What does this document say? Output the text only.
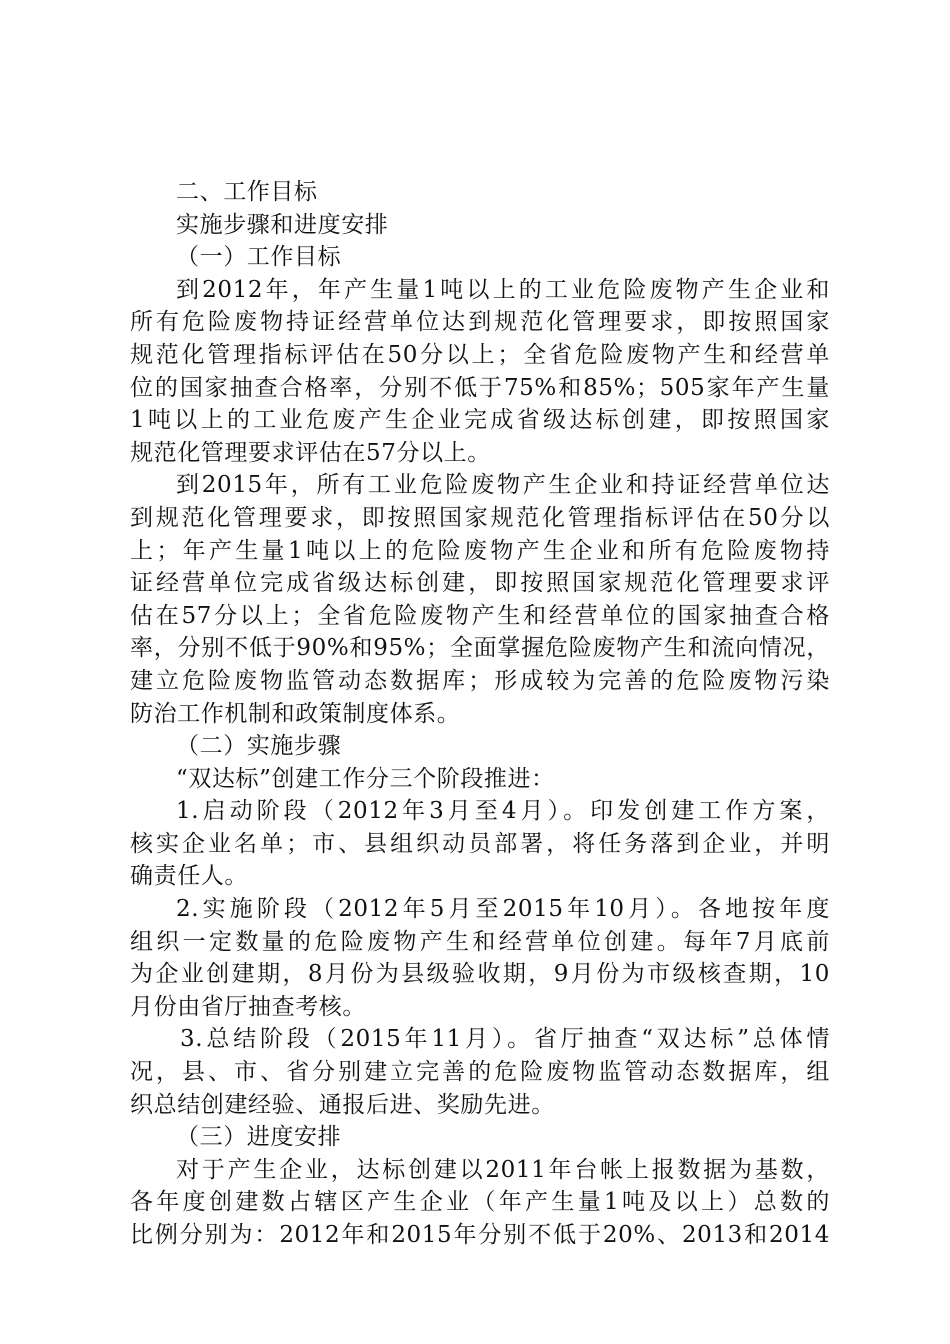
二、工作目标
实施步骤和进度安排
（一）工作目标
到2012年，年产生量1吨以上的工业危险废物产生企业和
所有危险废物持证经营单位达到规范化管理要求，即按照国家
规范化管理指标评估在50分以上；全省危险废物产生和经营单
位的国家抽查合格率，分别不低于75%和85%；505家年产生量
1吨以上的工业危废产生企业完成省级达标创建，即按照国家
规范化管理要求评估在57分以上。
到2015年，所有工业危险废物产生企业和持证经营单位达
到规范化管理要求，即按照国家规范化管理指标评估在50分以
上；年产生量1吨以上的危险废物产生企业和所有危险废物持
证经营单位完成省级达标创建，即按照国家规范化管理要求评
估在57分以上；全省危险废物产生和经营单位的国家抽查合格
率，分别不低于90%和95%；全面掌握危险废物产生和流向情况，
建立危险废物监管动态数据库；形成较为完善的危险废物污染
防治工作机制和政策制度体系。
（二）实施步骤
“双达标”创建工作分三个阶段推进：
1.启动阶段（2012年3月至4月）。印发创建工作方案，
核实企业名单；市、县组织动员部署，将任务落到企业，并明
确责任人。
2.实施阶段（2012年5月至2015年10月）。各地按年度
组织一定数量的危险废物产生和经营单位创建。每年7月底前
为企业创建期，8月份为县级验收期，9月份为市级核查期，10
月份由省厅抽查考核。
3.总结阶段（2015年11月）。省厅抽查“双达标”总体情
况，县、市、省分别建立完善的危险废物监管动态数据库，组
织总结创建经验、通报后进、奖励先进。
（三）进度安排
对于产生企业，达标创建以2011年台帐上报数据为基数，
各年度创建数占辖区产生企业（年产生量1吨及以上）总数的
比例分别为：2012年和2015年分别不低于20%、2013和2014
